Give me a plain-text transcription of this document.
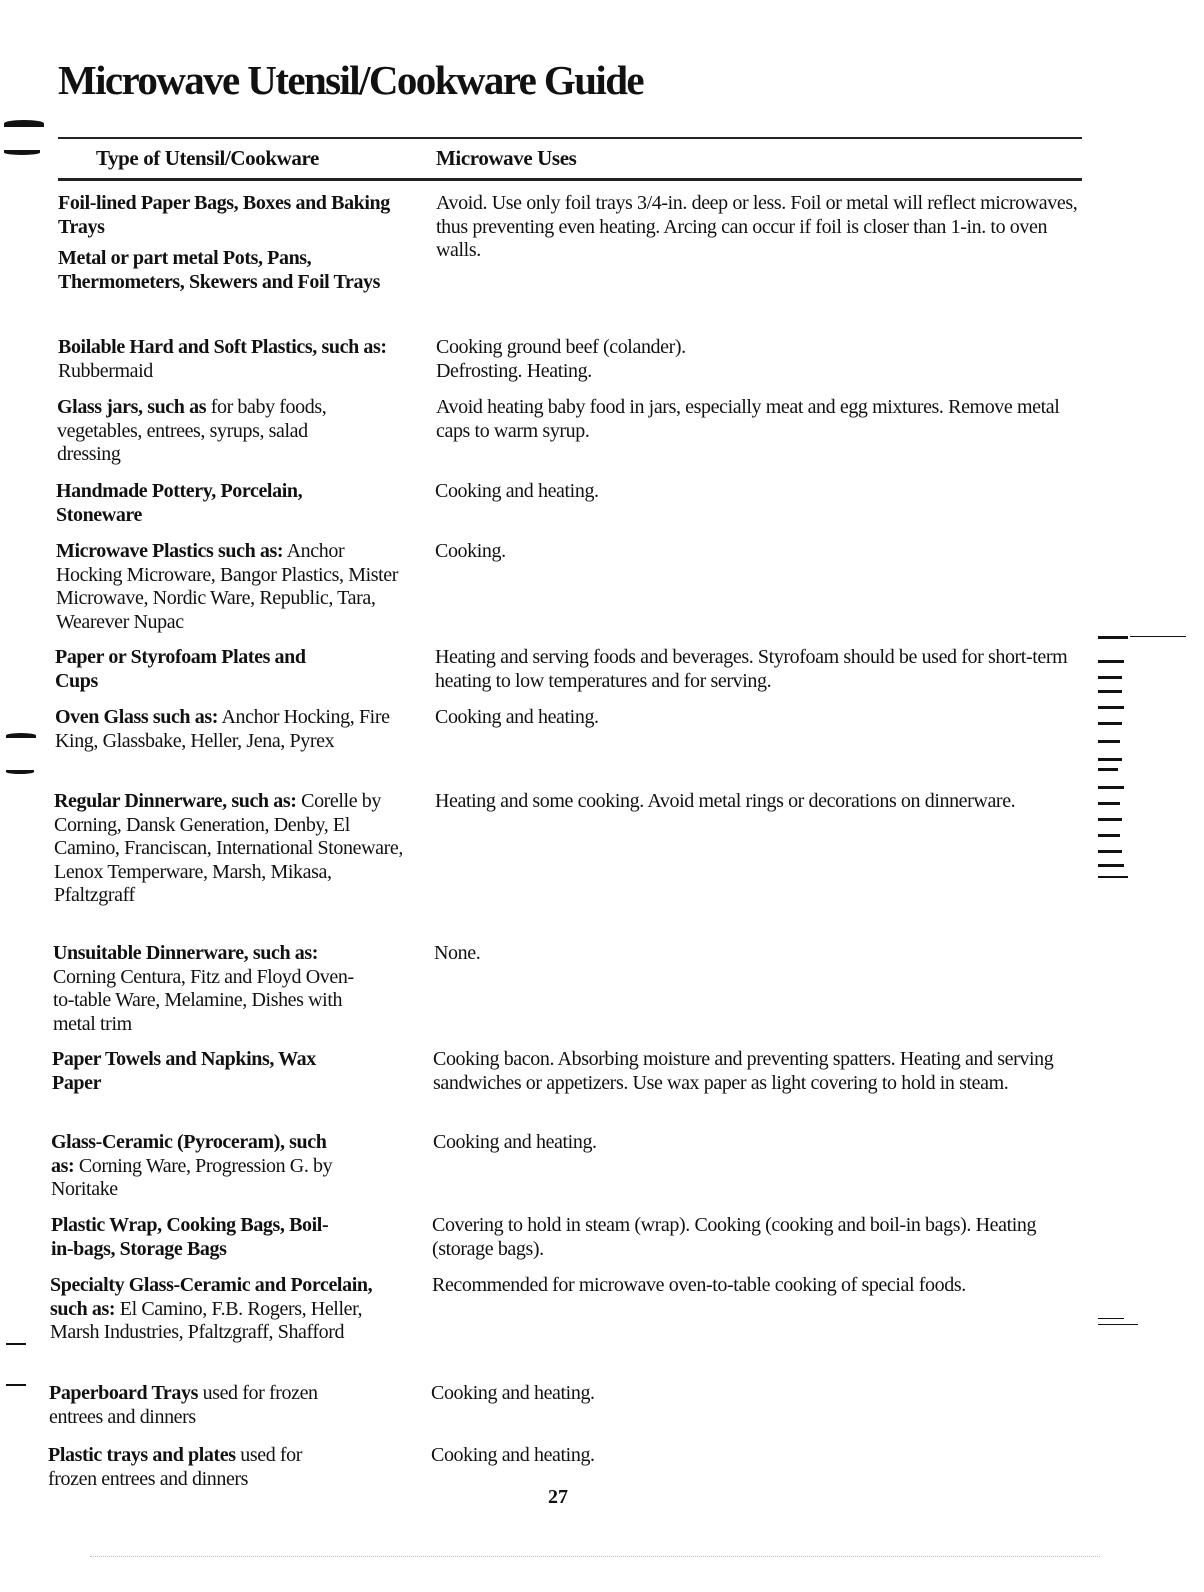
Microwave Utensil/Cookware Guide
Type of Utensil/Cookware	Microwave Uses
Foil-lined Paper Bags, Boxes and Baking Trays
Metal or part metal Pots, Pans, Thermometers, Skewers and Foil Trays
Avoid. Use only foil trays 3/4-in. deep or less. Foil or metal will reflect microwaves, thus preventing even heating. Arcing can occur if foil is closer than 1-in. to oven walls.
Boilable Hard and Soft Plastics, such as: Rubbermaid
Cooking ground beef (colander). Defrosting. Heating.
Glass jars, such as for baby foods, vegetables, entrees, syrups, salad dressing
Avoid heating baby food in jars, especially meat and egg mixtures. Remove metal caps to warm syrup.
Handmade Pottery, Porcelain, Stoneware
Cooking and heating.
Microwave Plastics such as: Anchor Hocking Microware, Bangor Plastics, Mister Microwave, Nordic Ware, Republic, Tara, Wearever Nupac
Cooking.
Paper or Styrofoam Plates and Cups
Heating and serving foods and beverages. Styrofoam should be used for short-term heating to low temperatures and for serving.
Oven Glass such as: Anchor Hocking, Fire King, Glassbake, Heller, Jena, Pyrex
Cooking and heating.
Regular Dinnerware, such as: Corelle by Corning, Dansk Generation, Denby, El Camino, Franciscan, International Stoneware, Lenox Temperware, Marsh, Mikasa, Pfaltzgraff
Heating and some cooking. Avoid metal rings or decorations on dinnerware.
Unsuitable Dinnerware, such as: Corning Centura, Fitz and Floyd Oven-to-table Ware, Melamine, Dishes with metal trim
None.
Paper Towels and Napkins, Wax Paper
Cooking bacon. Absorbing moisture and preventing spatters. Heating and serving sandwiches or appetizers. Use wax paper as light covering to hold in steam.
Glass-Ceramic (Pyroceram), such as: Corning Ware, Progression G. by Noritake
Cooking and heating.
Plastic Wrap, Cooking Bags, Boil-in-bags, Storage Bags
Covering to hold in steam (wrap). Cooking (cooking and boil-in bags). Heating (storage bags).
Specialty Glass-Ceramic and Porcelain, such as: El Camino, F.B. Rogers, Heller, Marsh Industries, Pfaltzgraff, Shafford
Recommended for microwave oven-to-table cooking of special foods.
Paperboard Trays used for frozen entrees and dinners
Cooking and heating.
Plastic trays and plates used for frozen entrees and dinners
Cooking and heating.
27
